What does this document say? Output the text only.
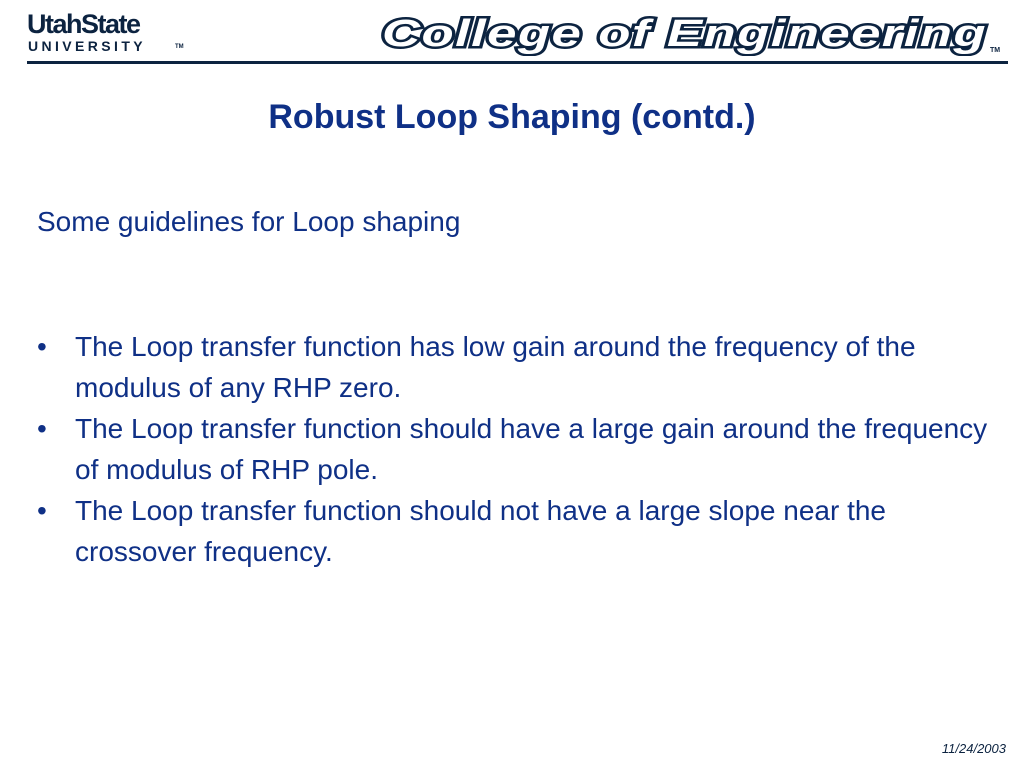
UtahState
UNIVERSITY	TM	College of Engineering TM
Robust Loop Shaping (contd.)
Some guidelines for Loop shaping
•	The Loop transfer function has low gain around the frequency of the modulus of any RHP zero.
•	The Loop transfer function should have a large gain around the frequency of modulus of RHP pole.
•	The Loop transfer function should not have a large slope near the crossover frequency.
11/24/2003
